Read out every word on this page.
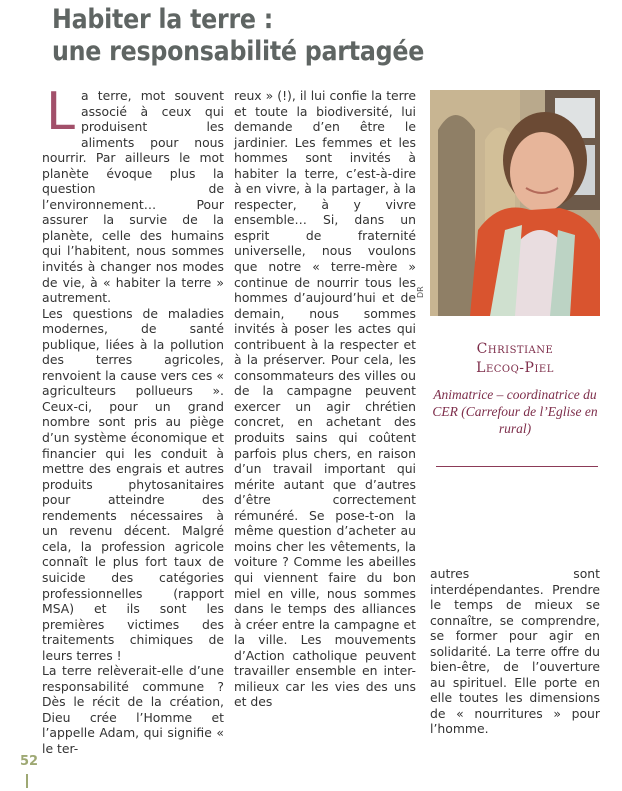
Habiter la terre :
une responsabilité partagée

La terre, mot souvent associé à ceux qui produisent les aliments pour nous nourrir. Par ailleurs le mot planète évoque plus la question de l’environnement… Pour assurer la survie de la planète, celle des humains qui l’habitent, nous sommes invités à changer nos modes de vie, à « habiter la terre » autrement.

Les questions de maladies modernes, de santé publique, liées à la pollution des terres agricoles, renvoient la cause vers ces « agriculteurs pollueurs ». Ceux-ci, pour un grand nombre sont pris au piège d’un système économique et financier qui les conduit à mettre des engrais et autres produits phytosanitaires pour atteindre des rendements nécessaires à un revenu décent. Malgré cela, la profession agricole connaît le plus fort taux de suicide des catégories professionnelles (rapport MSA) et ils sont les premières victimes des traitements chimiques de leurs terres !

La terre relèverait-elle d’une responsabilité commune ? Dès le récit de la création, Dieu crée l’Homme et l’appelle Adam, qui signifie « le ter-

reux » (!), il lui confie la terre et toute la biodiversité, lui demande d’en être le jardinier. Les femmes et les hommes sont invités à habiter la terre, c’est-à-dire à en vivre, à la partager, à la respecter, à y vivre ensemble… Si, dans un esprit de fraternité universelle, nous voulons que notre « terre-mère » continue de nourrir tous les hommes d’aujourd’hui et de demain, nous sommes invités à poser les actes qui contribuent à la respecter et à la préserver. Pour cela, les consommateurs des villes ou de la campagne peuvent exercer un agir chrétien concret, en achetant des produits sains qui coûtent parfois plus chers, en raison d’un travail important qui mérite autant que d’autres d’être correctement rémunéré. Se pose-t-on la même question d’acheter au moins cher les vêtements, la voiture ? Comme les abeilles qui viennent faire du bon miel en ville, nous sommes dans le temps des alliances à créer entre la campagne et la ville. Les mouvements d’Action catholique peuvent travailler ensemble en inter-milieux car les vies des uns et des

DR
Christiane
Lecoq-Piel
Animatrice – coordinatrice du CER (Carrefour de l’Eglise en rural)

autres sont interdépendantes. Prendre le temps de mieux se connaître, se comprendre, se former pour agir en solidarité. La terre offre du bien-être, de l’ouverture au spirituel. Elle porte en elle toutes les dimensions de « nourritures » pour l’homme.

52
